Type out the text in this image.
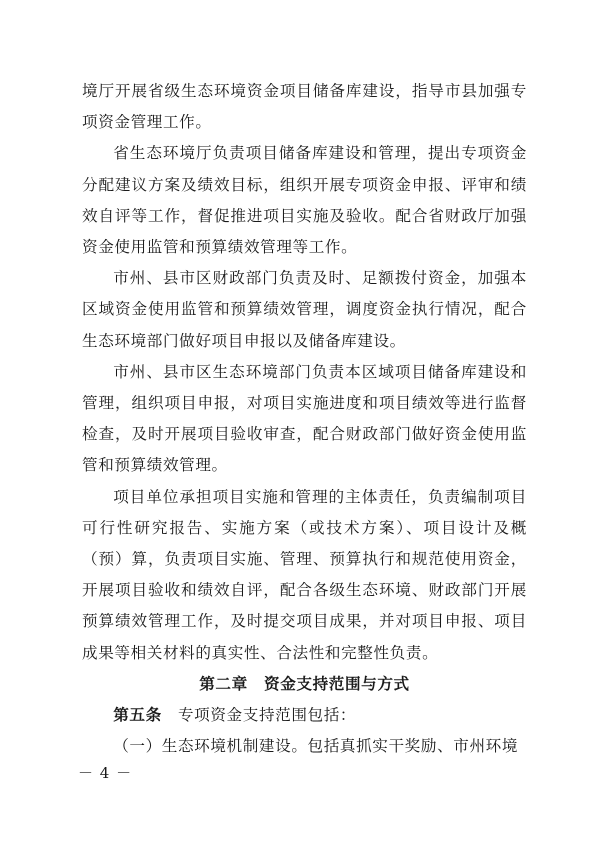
境厅开展省级生态环境资金项目储备库建设，指导市县加强专项资金管理工作。

省生态环境厅负责项目储备库建设和管理，提出专项资金分配建议方案及绩效目标，组织开展专项资金申报、评审和绩效自评等工作，督促推进项目实施及验收。配合省财政厅加强资金使用监管和预算绩效管理等工作。

市州、县市区财政部门负责及时、足额拨付资金，加强本区域资金使用监管和预算绩效管理，调度资金执行情况，配合生态环境部门做好项目申报以及储备库建设。

市州、县市区生态环境部门负责本区域项目储备库建设和管理，组织项目申报，对项目实施进度和项目绩效等进行监督检查，及时开展项目验收审查，配合财政部门做好资金使用监管和预算绩效管理。

项目单位承担项目实施和管理的主体责任，负责编制项目可行性研究报告、实施方案（或技术方案）、项目设计及概（预）算，负责项目实施、管理、预算执行和规范使用资金，开展项目验收和绩效自评，配合各级生态环境、财政部门开展预算绩效管理工作，及时提交项目成果，并对项目申报、项目成果等相关材料的真实性、合法性和完整性负责。

第二章　资金支持范围与方式

第五条　专项资金支持范围包括：

（一）生态环境机制建设。包括真抓实干奖励、市州环境

－ 4 －
